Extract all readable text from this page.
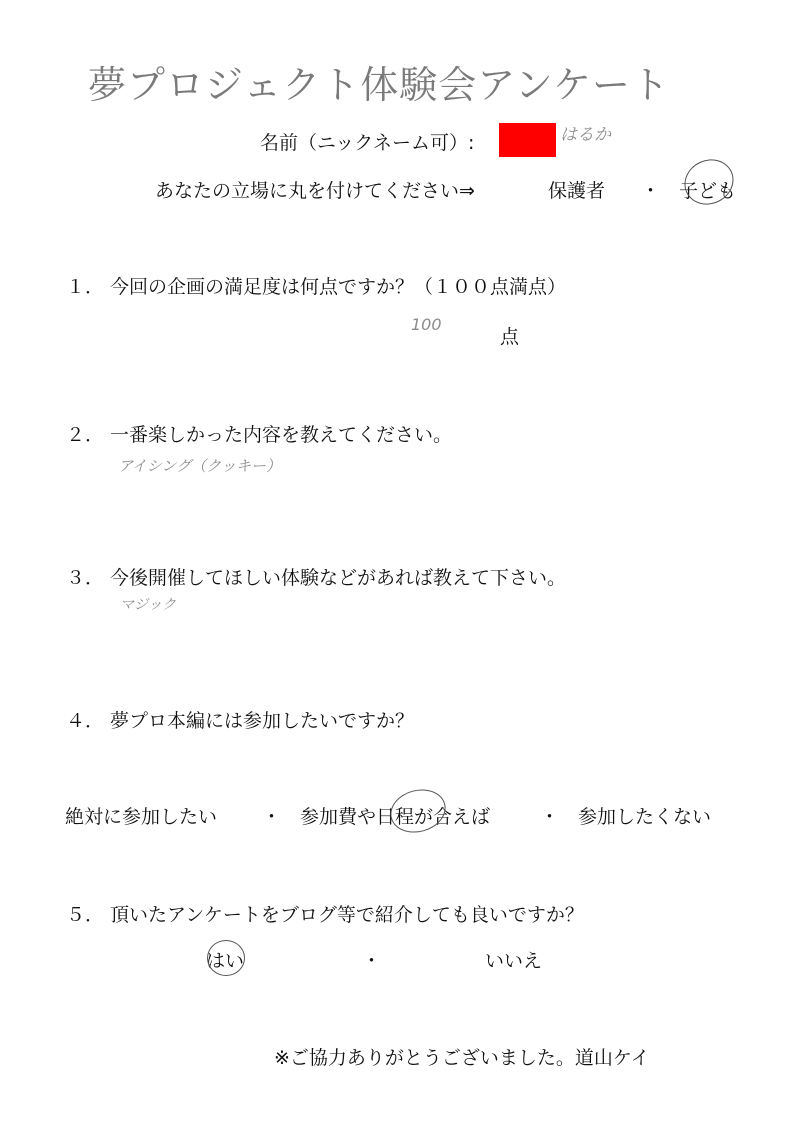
夢プロジェクト体験会アンケート
名前（ニックネーム可）:	はるか
あなたの立場に丸を付けてください⇒	保護者 ・ 子ども
１． 今回の企画の満足度は何点ですか？（１００点満点）
100
点
２． 一番楽しかった内容を教えてください。
アイシング（クッキー）
３． 今後開催してほしい体験などがあれば教えて下さい。
マジック
４． 夢プロ本編には参加したいですか？
絶対に参加したい ・ 参加費や日程が合えば	・ 参加したくない
５． 頂いたアンケートをブログ等で紹介しても良いですか？
はい	・	いいえ
※ご協力ありがとうございました。道山ケイ
